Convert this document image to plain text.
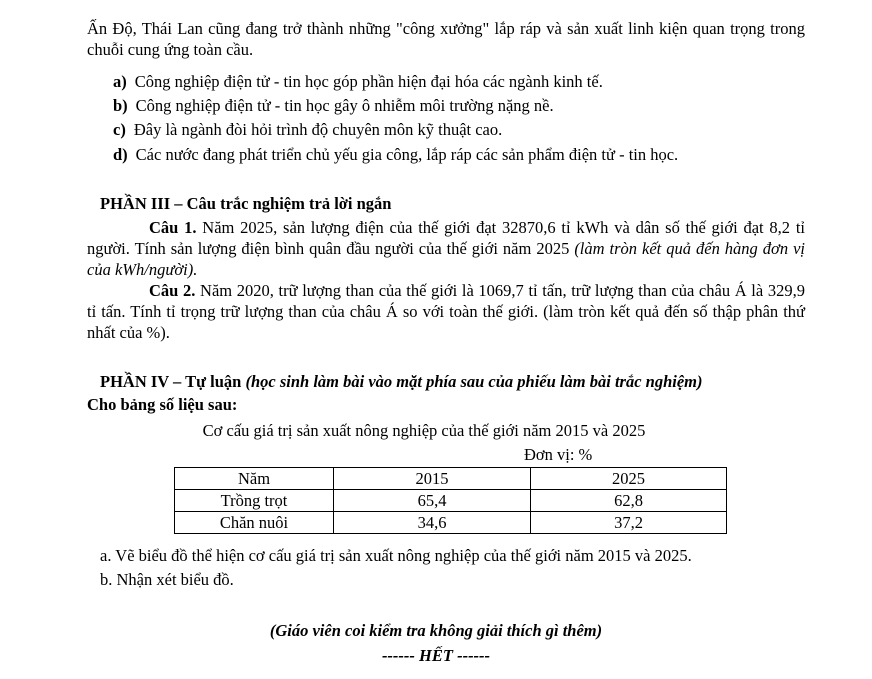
Ấn Độ, Thái Lan cũng đang trở thành những "công xưởng" lắp ráp và sản xuất linh kiện quan trọng trong chuỗi cung ứng toàn cầu.
a) Công nghiệp điện tử - tin học góp phần hiện đại hóa các ngành kinh tế.
b) Công nghiệp điện tử - tin học gây ô nhiễm môi trường nặng nề.
c) Đây là ngành đòi hỏi trình độ chuyên môn kỹ thuật cao.
d) Các nước đang phát triển chủ yếu gia công, lắp ráp các sản phẩm điện tử - tin học.
PHẦN III – Câu trắc nghiệm trả lời ngắn
Câu 1. Năm 2025, sản lượng điện của thế giới đạt 32870,6 tỉ kWh và dân số thế giới đạt 8,2 tỉ người. Tính sản lượng điện bình quân đầu người của thế giới năm 2025 (làm tròn kết quả đến hàng đơn vị của kWh/người).
Câu 2. Năm 2020, trữ lượng than của thế giới là 1069,7 tỉ tấn, trữ lượng than của châu Á là 329,9 tỉ tấn. Tính tỉ trọng trữ lượng than của châu Á so với toàn thế giới. (làm tròn kết quả đến số thập phân thứ nhất của %).
PHẦN IV – Tự luận (học sinh làm bài vào mặt phía sau của phiếu làm bài trắc nghiệm)
Cho bảng số liệu sau:
Cơ cấu giá trị sản xuất nông nghiệp của thế giới năm 2015 và 2025
Đơn vị: %
Năm	2015	2025
Trồng trọt	65,4	62,8
Chăn nuôi	34,6	37,2
a. Vẽ biểu đồ thể hiện cơ cấu giá trị sản xuất nông nghiệp của thế giới năm 2015 và 2025.
b. Nhận xét biểu đồ.
(Giáo viên coi kiểm tra không giải thích gì thêm)
------ HẾT ------
